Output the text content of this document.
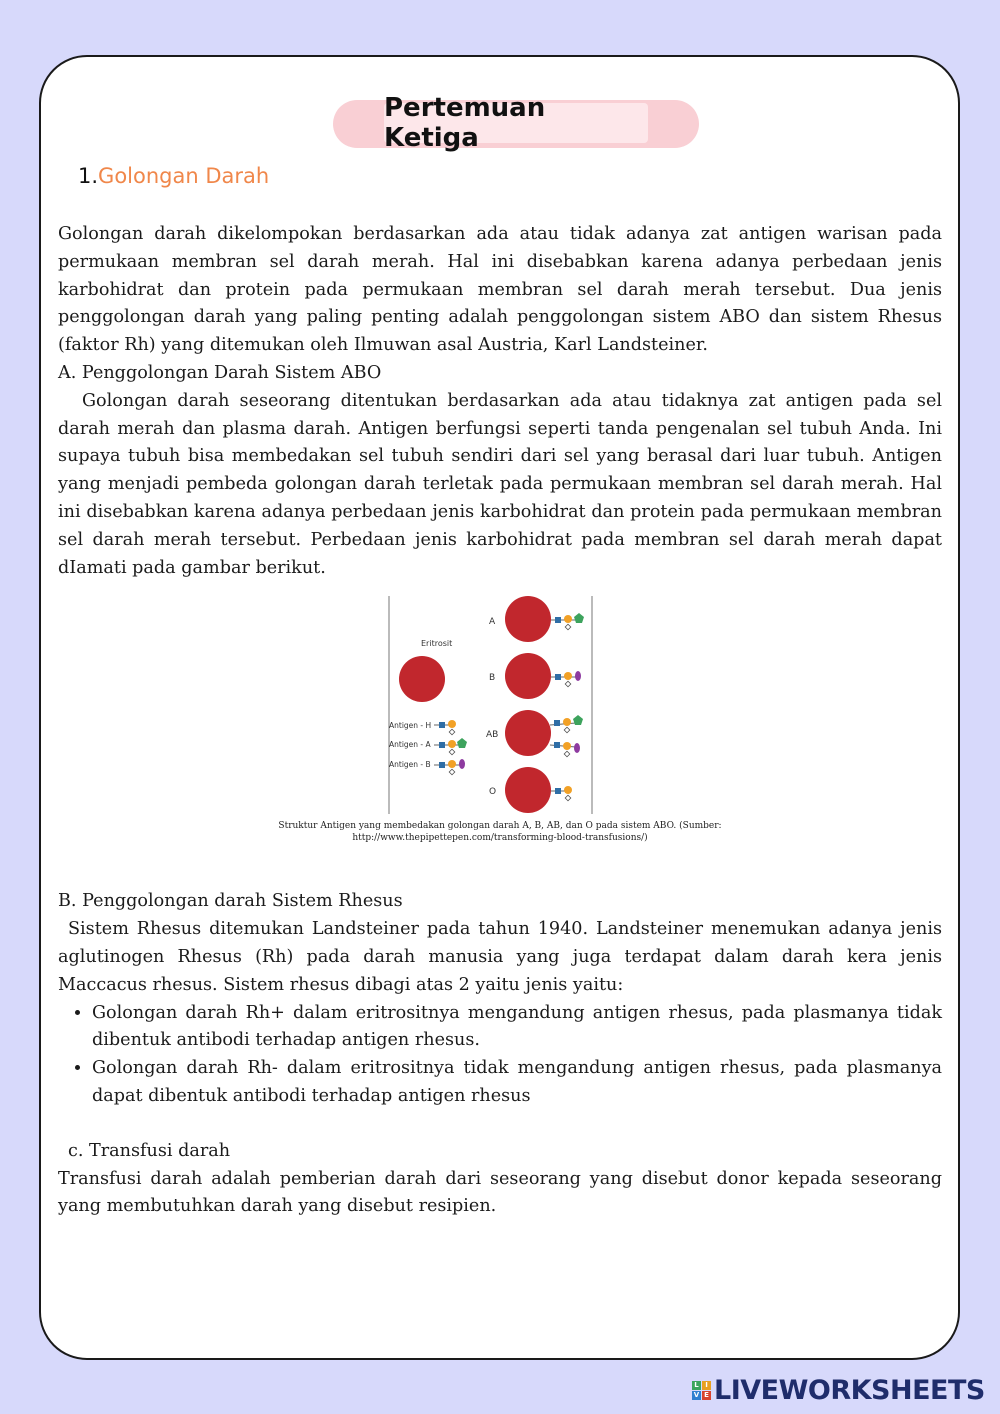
Pertemuan Ketiga
1.Golongan Darah

Golongan darah dikelompokan berdasarkan ada atau tidak adanya zat antigen warisan pada permukaan membran sel darah merah. Hal ini disebabkan karena adanya perbedaan jenis karbohidrat dan protein pada permukaan membran sel darah merah tersebut. Dua jenis penggolongan darah yang paling penting adalah penggolongan sistem ABO dan sistem Rhesus (faktor Rh) yang ditemukan oleh Ilmuwan asal Austria, Karl Landsteiner.

A. Penggolongan Darah Sistem ABO

Golongan darah seseorang ditentukan berdasarkan ada atau tidaknya zat antigen pada sel darah merah dan plasma darah. Antigen berfungsi seperti tanda pengenalan sel tubuh Anda. Ini supaya tubuh bisa membedakan sel tubuh sendiri dari sel yang berasal dari luar tubuh. Antigen yang menjadi pembeda golongan darah terletak pada permukaan membran sel darah merah. Hal ini disebabkan karena adanya perbedaan jenis karbohidrat dan protein pada permukaan membran sel darah merah tersebut. Perbedaan jenis karbohidrat pada membran sel darah merah dapat dIamati pada gambar berikut.

Eritrosit
Antigen - H
Antigen - A
Antigen - B
A
B
AB
O
Struktur Antigen yang membedakan golongan darah A, B, AB, dan O pada sistem ABO. (Sumber:
http://www.thepipettepen.com/transforming-blood-transfusions/)

B. Penggolongan darah Sistem Rhesus

Sistem Rhesus ditemukan Landsteiner pada tahun 1940. Landsteiner menemukan adanya jenis aglutinogen Rhesus (Rh) pada darah manusia yang juga terdapat dalam darah kera jenis Maccacus rhesus. Sistem rhesus dibagi atas 2 yaitu jenis yaitu:

• Golongan darah Rh+ dalam eritrositnya mengandung antigen rhesus, pada plasmanya tidak dibentuk antibodi terhadap antigen rhesus.
• Golongan darah Rh- dalam eritrositnya tidak mengandung antigen rhesus, pada plasmanya dapat dibentuk antibodi terhadap antigen rhesus

c. Transfusi darah

Transfusi darah adalah pemberian darah dari seseorang yang disebut donor kepada seseorang yang membutuhkan darah yang disebut resipien.

L I
V E LIVEWORKSHEETS
